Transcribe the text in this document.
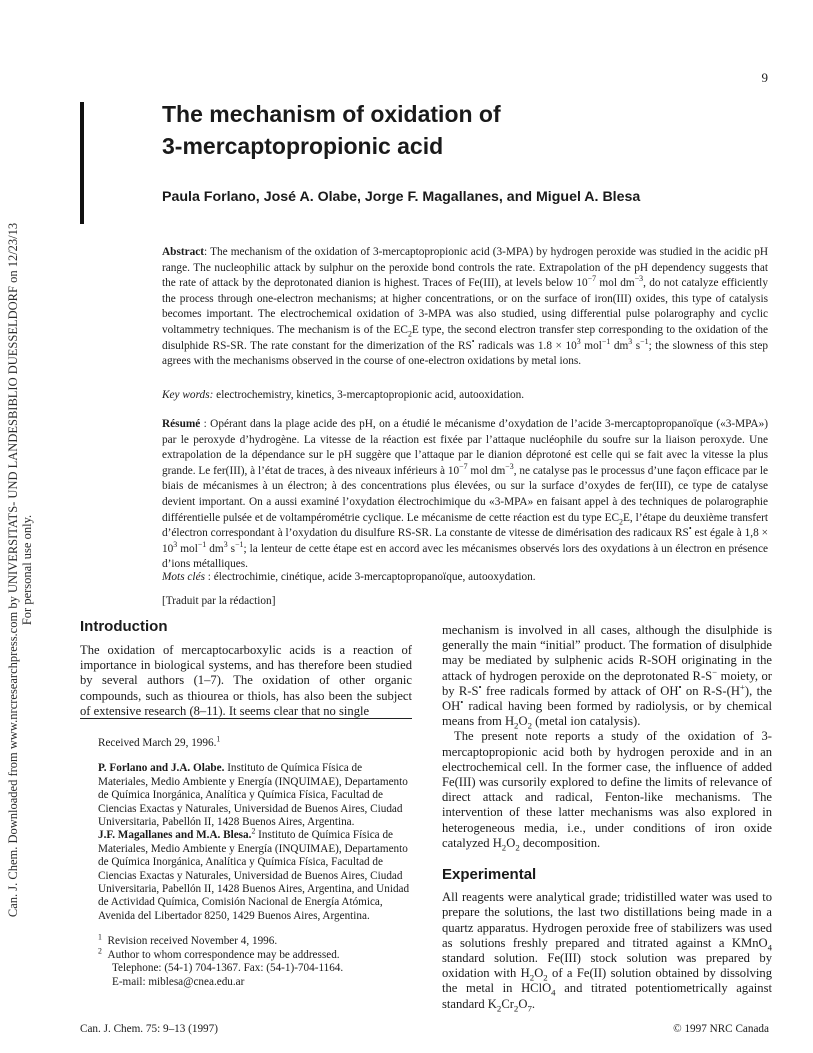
Can. J. Chem. Downloaded from www.nrcresearchpress.com by UNIVERSITATS- UND LANDESBIBLIO DUESSELDORF on 12/23/13 For personal use only.
9
The mechanism of oxidation of
3-mercaptopropionic acid
Paula Forlano, José A. Olabe, Jorge F. Magallanes, and Miguel A. Blesa
Abstract: The mechanism of the oxidation of 3-mercaptopropionic acid (3-MPA) by hydrogen peroxide was studied in the acidic pH range. The nucleophilic attack by sulphur on the peroxide bond controls the rate. Extrapolation of the pH dependency suggests that the rate of attack by the deprotonated dianion is highest. Traces of Fe(III), at levels below $10^{-7}$ mol $dm^{-3}$, do not catalyze efficiently the process through one-electron mechanisms; at higher concentrations, or on the surface of iron(III) oxides, this type of catalysis becomes important. The electrochemical oxidation of 3-MPA was also studied, using differential pulse polarography and cyclic voltammetry techniques. The mechanism is of the $EC_2E$ type, the second electron transfer step corresponding to the oxidation of the disulphide RS-SR. The rate constant for the dimerization of the RS• radicals was $1.8 \times 10^3$ mol$^{-1}$ $dm^3$ $s^{-1}$; the slowness of this step agrees with the mechanisms observed in the course of one-electron oxidations by metal ions.
Key words: electrochemistry, kinetics, 3-mercaptopropionic acid, autooxidation.
Résumé : Opérant dans la plage acide des pH, on a étudié le mécanisme d’oxydation de l’acide 3-mercaptopropanoïque («3-MPA») par le peroxyde d’hydrogène. La vitesse de la réaction est fixée par l’attaque nucléophile du soufre sur la liaison peroxyde. Une extrapolation de la dépendance sur le pH suggère que l’attaque par le dianion déprotoné est celle qui se fait avec la vitesse la plus grande. Le fer(III), à l’état de traces, à des niveaux inférieurs à $10^{-7}$ mol $dm^{-3}$, ne catalyse pas le processus d’une façon efficace par le biais de mécanismes à un électron; à des concentrations plus élevées, ou sur la surface d’oxydes de fer(III), ce type de catalyse devient important. On a aussi examiné l’oxydation électrochimique du «3-MPA» en faisant appel à des techniques de polarographie différentielle pulsée et de voltampérométrie cyclique. Le mécanisme de cette réaction est du type $EC_2E$, l’étape du deuxième transfert d’électron correspondant à l’oxydation du disulfure RS-SR. La constante de vitesse de dimérisation des radicaux RS• est égale à $1,8 \times 10^3$ mol$^{-1}$ $dm^3$ $s^{-1}$; la lenteur de cette étape est en accord avec les mécanismes observés lors des oxydations à un électron en présence d’ions métalliques.
Mots clés : électrochimie, cinétique, acide 3-mercaptopropanoïque, autooxydation.
[Traduit par la rédaction]
Introduction

The oxidation of mercaptocarboxylic acids is a reaction of importance in biological systems, and has therefore been studied by several authors (1–7). The oxidation of other organic compounds, such as thiourea or thiols, has also been the subject of extensive research (8–11). It seems clear that no single

Received March 29, 1996.$^1$

P. Forlano and J.A. Olabe. Instituto de Química Física de Materiales, Medio Ambiente y Energía (INQUIMAE), Departamento de Química Inorgánica, Analítica y Química Física, Facultad de Ciencias Exactas y Naturales, Universidad de Buenos Aires, Ciudad Universitaria, Pabellón II, 1428 Buenos Aires, Argentina.

J.F. Magallanes and M.A. Blesa.$^2$ Instituto de Química Física de Materiales, Medio Ambiente y Energía (INQUIMAE), Departamento de Química Inorgánica, Analítica y Química Física, Facultad de Ciencias Exactas y Naturales, Universidad de Buenos Aires, Ciudad Universitaria, Pabellón II, 1428 Buenos Aires, Argentina, and Unidad de Actividad Química, Comisión Nacional de Energía Atómica, Avenida del Libertador 8250, 1429 Buenos Aires, Argentina.

$^1$ Revision received November 4, 1996.

$^2$ Author to whom correspondence may be addressed.

Telephone: (54-1) 704-1367. Fax: (54-1)-704-1164.

E-mail: miblesa@cnea.edu.ar

mechanism is involved in all cases, although the disulphide is generally the main “initial” product. The formation of disulphide may be mediated by sulphenic acids R-SOH originating in the attack of hydrogen peroxide on the deprotonated R-S− moiety, or by R-S• free radicals formed by attack of OH• on R-S-(H+), the OH• radical having been formed by radiolysis, or by chemical means from $H_2O_2$ (metal ion catalysis).

The present note reports a study of the oxidation of 3-mercaptopropionic acid both by hydrogen peroxide and in an electrochemical cell. In the former case, the influence of added Fe(III) was cursorily explored to define the limits of relevance of direct attack and radical, Fenton-like mechanisms. The intervention of these latter mechanisms was also explored in heterogeneous media, i.e., under conditions of iron oxide catalyzed $H_2O_2$ decomposition.

Experimental

All reagents were analytical grade; tridistilled water was used to prepare the solutions, the last two distillations being made in a quartz apparatus. Hydrogen peroxide free of stabilizers was used as solutions freshly prepared and titrated against a KMnO$_4$ standard solution. Fe(III) stock solution was prepared by oxidation with $H_2O_2$ of a Fe(II) solution obtained by dissolving the metal in HClO$_4$ and titrated potentiometrically against standard $K_2Cr_2O_7$.

Can. J. Chem. 75: 9–13 (1997)	© 1997 NRC Canada
